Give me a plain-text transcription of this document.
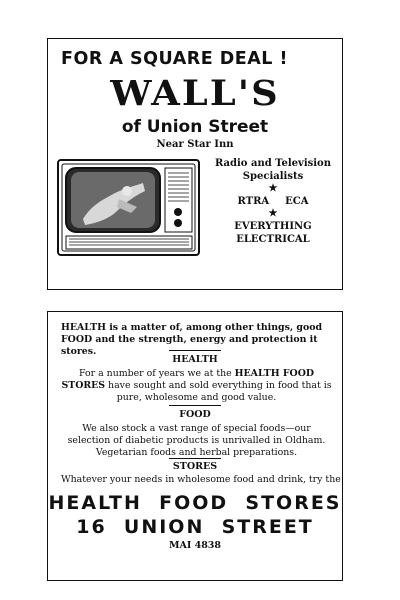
FOR A SQUARE DEAL !
WALL'S
of Union Street
Near Star Inn
Radio and Television
Specialists
★
RTRA ECA
★
EVERYTHING
ELECTRICAL
HEALTH is a matter of, among other things, good FOOD and the strength, energy and protection it stores.
HEALTH
For a number of years we at the HEALTH FOOD STORES have sought and sold everything in food that is pure, wholesome and good value.
FOOD
We also stock a vast range of special foods—our selection of diabetic products is unrivalled in Oldham. Vegetarian foods and herbal preparations.
STORES
Whatever your needs in wholesome food and drink, try the
HEALTH  FOOD  STORES
16  UNION  STREET
MAI 4838
